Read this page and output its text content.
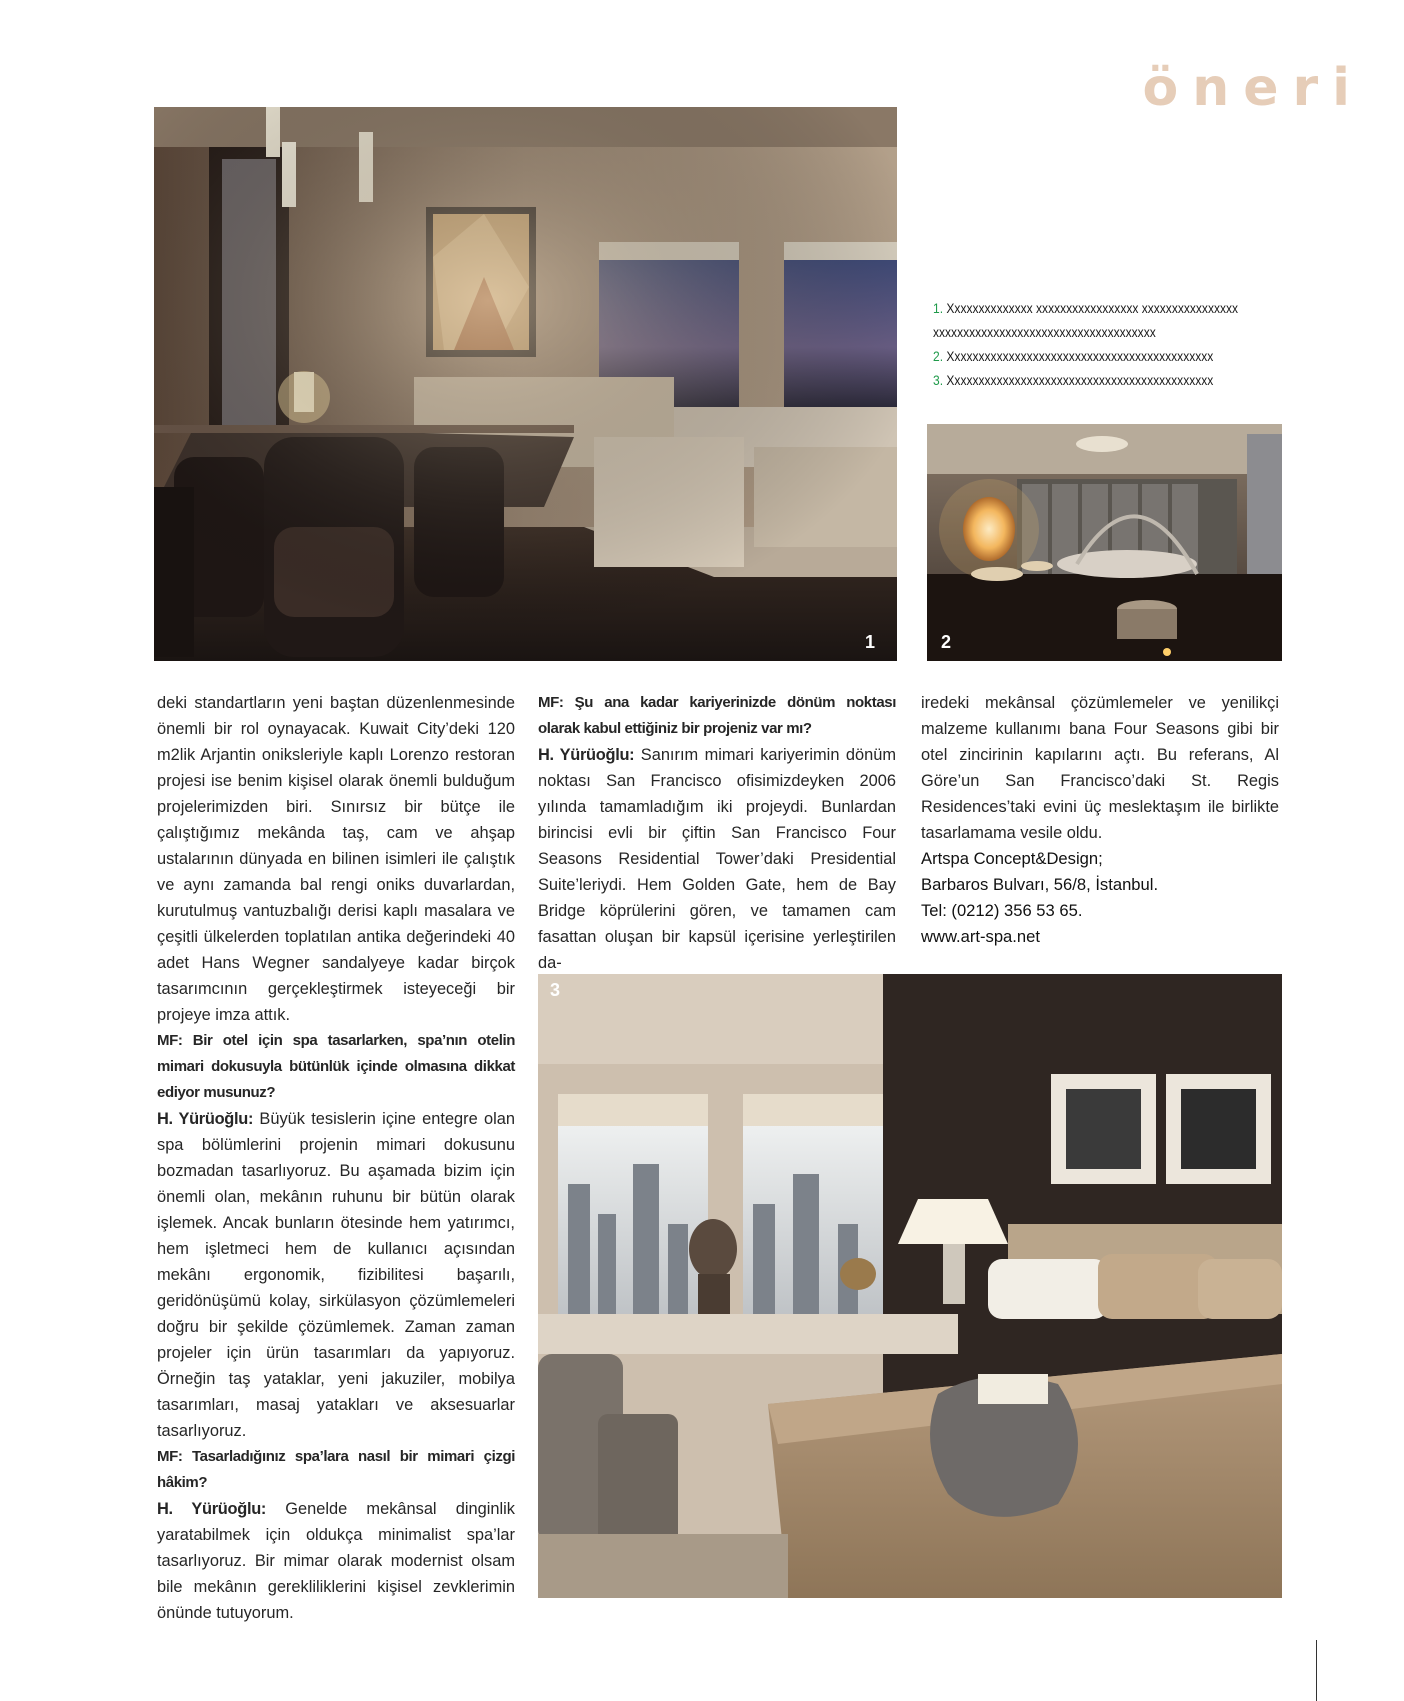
öneri
1
1. Xxxxxxxxxxxxxx xxxxxxxxxxxxxxxxx xxxxxxxxxxxxxxxx
xxxxxxxxxxxxxxxxxxxxxxxxxxxxxxxxxxxxx
2. Xxxxxxxxxxxxxxxxxxxxxxxxxxxxxxxxxxxxxxxxxxxx
3. Xxxxxxxxxxxxxxxxxxxxxxxxxxxxxxxxxxxxxxxxxxxx
2

deki standartların yeni baştan düzenlenmesinde önemli bir rol oynayacak. Kuwait City’deki 120 m2lik Arjantin oniksleriyle kaplı Lorenzo restoran projesi ise benim kişisel olarak önemli bulduğum projelerimizden biri. Sınırsız bir bütçe ile çalıştığımız mekânda taş, cam ve ahşap ustalarının dünyada en bilinen isimleri ile çalıştık ve aynı zamanda bal rengi oniks duvarlardan, kurutulmuş vantuzbalığı derisi kaplı masalara ve çeşitli ülkelerden toplatılan antika değerindeki 40 adet Hans Wegner sandalyeye kadar birçok tasarımcının gerçekleştirmek isteyeceği bir projeye imza attık.

MF: Bir otel için spa tasarlarken, spa’nın otelin mimari dokusuyla bütünlük içinde olmasına dikkat ediyor musunuz?

H. Yürüoğlu: Büyük tesislerin içine entegre olan spa bölümlerini projenin mimari dokusunu bozmadan tasarlıyoruz. Bu aşamada bizim için önemli olan, mekânın ruhunu bir bütün olarak işlemek. Ancak bunların ötesinde hem yatırımcı, hem işletmeci hem de kullanıcı açısından mekânı ergonomik, fizibilitesi başarılı, geridönüşümü kolay, sirkülasyon çözümlemeleri doğru bir şekilde çözümlemek. Zaman zaman projeler için ürün tasarımları da yapıyoruz. Örneğin taş yataklar, yeni jakuziler, mobilya tasarımları, masaj yatakları ve aksesuarlar tasarlıyoruz.

MF: Tasarladığınız spa’lara nasıl bir mimari çizgi hâkim?

H. Yürüoğlu: Genelde mekânsal dinginlik yaratabilmek için oldukça minimalist spa’lar tasarlıyoruz. Bir mimar olarak modernist olsam bile mekânın gerekliliklerini kişisel zevklerimin önünde tutuyorum.

MF: Şu ana kadar kariyerinizde dönüm noktası olarak kabul ettiğiniz bir projeniz var mı?

H. Yürüoğlu: Sanırım mimari kariyerimin dönüm noktası San Francisco ofisimizdeyken 2006 yılında tamamladığım iki projeydi. Bunlardan birincisi evli bir çiftin San Francisco Four Seasons Residential Tower’daki Presidential Suite’leriydi. Hem Golden Gate, hem de Bay Bridge köprülerini gören, ve tamamen cam fasattan oluşan bir kapsül içerisine yerleştirilen da-

iredeki mekânsal çözümlemeler ve yenilikçi malzeme kullanımı bana Four Seasons gibi bir otel zincirinin kapılarını açtı. Bu referans, Al Göre’un San Francisco’daki St. Regis Residences’taki evini üç meslektaşım ile birlikte tasarlamama vesile oldu.

Artspa Concept&Design;
Barbaros Bulvarı, 56/8, İstanbul.
Tel: (0212) 356 53 65.
www.art-spa.net
3
